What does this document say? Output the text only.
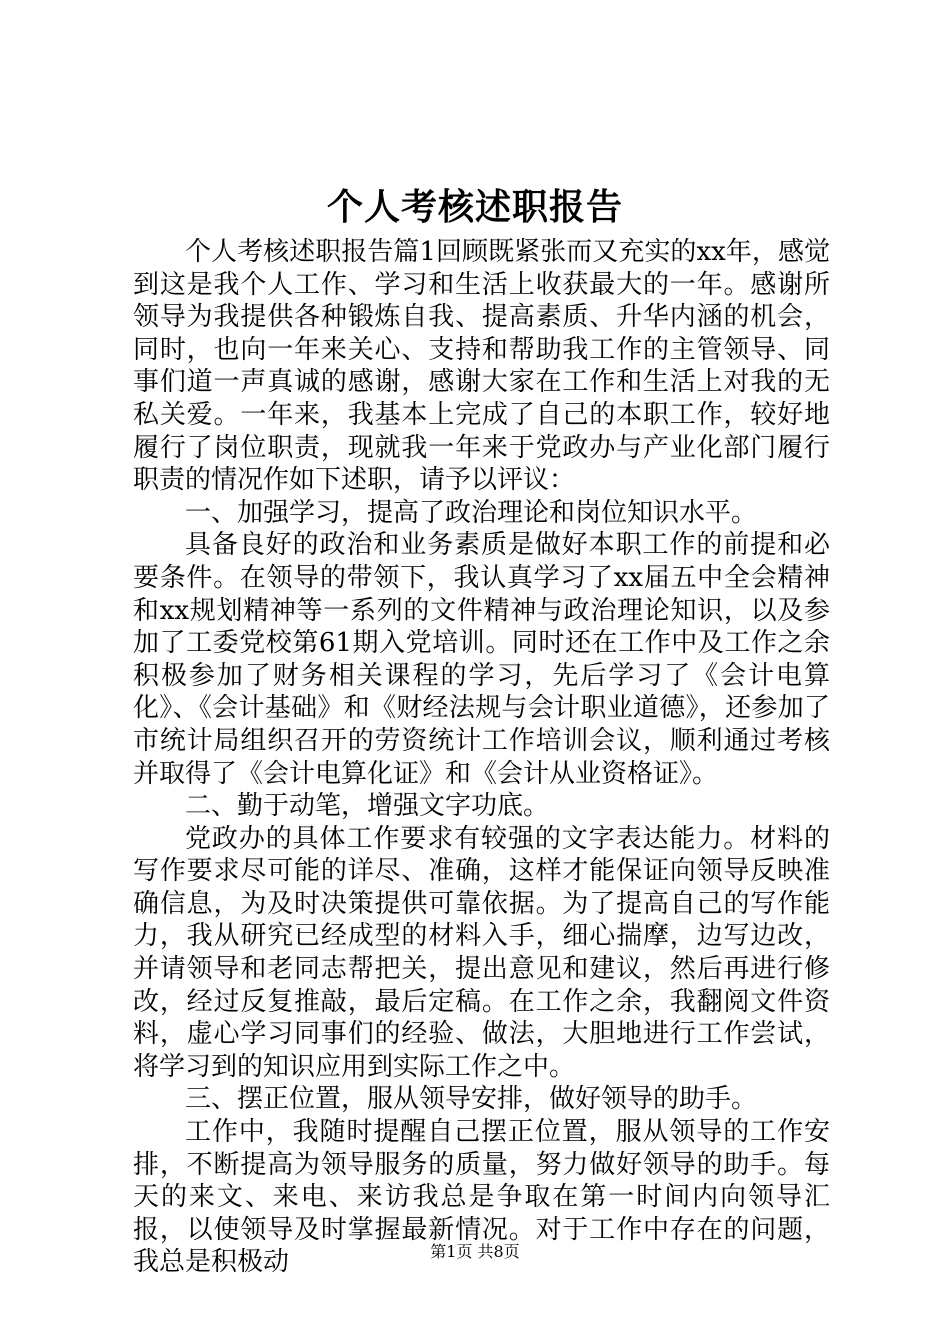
个人考核述职报告

个人考核述职报告篇1回顾既紧张而又充实的xx年，感觉到这是我个人工作、学习和生活上收获最大的一年。感谢所领导为我提供各种锻炼自我、提高素质、升华内涵的机会，同时，也向一年来关心、支持和帮助我工作的主管领导、同事们道一声真诚的感谢，感谢大家在工作和生活上对我的无私关爱。一年来，我基本上完成了自己的本职工作，较好地履行了岗位职责，现就我一年来于党政办与产业化部门履行职责的情况作如下述职，请予以评议：

一、加强学习，提高了政治理论和岗位知识水平。

具备良好的政治和业务素质是做好本职工作的前提和必要条件。在领导的带领下，我认真学习了xx届五中全会精神和xx规划精神等一系列的文件精神与政治理论知识，以及参加了工委党校第61期入党培训。同时还在工作中及工作之余积极参加了财务相关课程的学习，先后学习了《会计电算化》、《会计基础》和《财经法规与会计职业道德》，还参加了市统计局组织召开的劳资统计工作培训会议，顺利通过考核并取得了《会计电算化证》和《会计从业资格证》。

二、勤于动笔，增强文字功底。

党政办的具体工作要求有较强的文字表达能力。材料的写作要求尽可能的详尽、准确，这样才能保证向领导反映准确信息，为及时决策提供可靠依据。为了提高自己的写作能力，我从研究已经成型的材料入手，细心揣摩，边写边改，并请领导和老同志帮把关，提出意见和建议，然后再进行修改，经过反复推敲，最后定稿。在工作之余，我翻阅文件资料，虚心学习同事们的经验、做法，大胆地进行工作尝试，将学习到的知识应用到实际工作之中。

三、摆正位置，服从领导安排，做好领导的助手。

工作中，我随时提醒自己摆正位置，服从领导的工作安排，不断提高为领导服务的质量，努力做好领导的助手。每天的来文、来电、来访我总是争取在第一时间内向领导汇报，以使领导及时掌握最新情况。对于工作中存在的问题，我总是积极动	第1页 共8页
